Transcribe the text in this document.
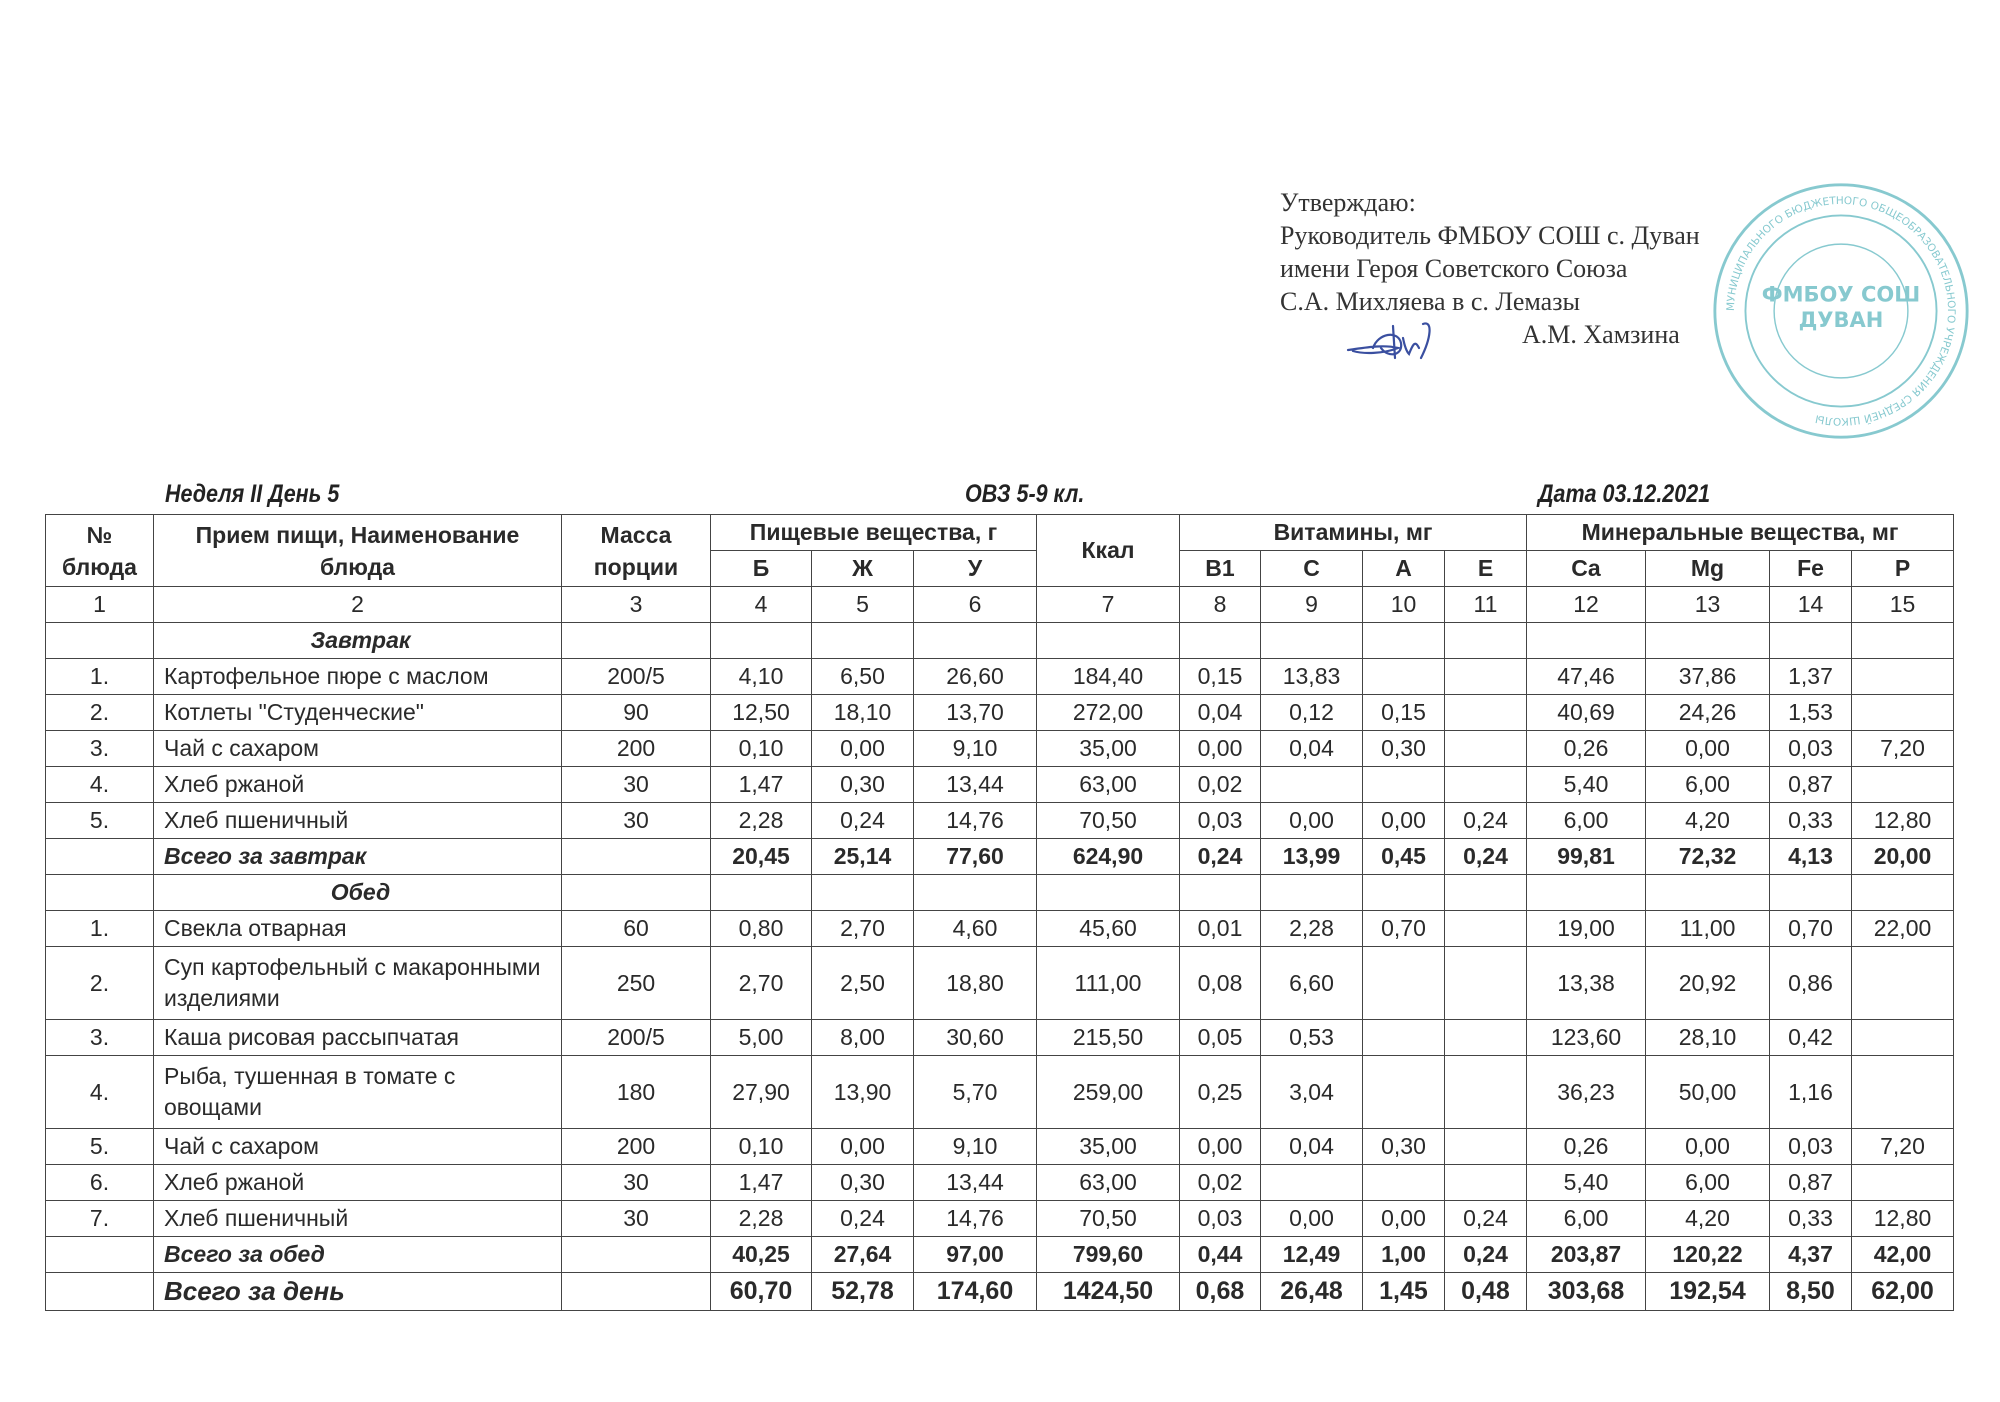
Утверждаю:
Руководитель ФМБОУ СОШ с. Дуван
имени Героя Советского Союза
С.А. Михляева в с. Лемазы
А.М. Хамзина
МУНИЦИПАЛЬНОГО БЮДЖЕТНОГО ОБЩЕОБРАЗОВАТЕЛЬНОГО УЧРЕЖДЕНИЯ СРЕДНЕЙ ШКОЛЫ
ФМБОУ СОШ
ДУВАН
Неделя II День 5	ОВЗ 5-9 кл.	Дата 03.12.2021
№ блюда	Прием пищи, Наименование блюда	Масса порции	Пищевые вещества, г			Ккал	Витамины, мг				Минеральные вещества, мг			
			Б	Ж	У		B1	C	A	E	Ca	Mg	Fe	P
1	2	3	4	5	6	7	8	9	10	11	12	13	14	15
	Завтрак													
1.	Картофельное пюре с маслом	200/5	4,10	6,50	26,60	184,40	0,15	13,83			47,46	37,86	1,37	
2.	Котлеты "Студенческие"	90	12,50	18,10	13,70	272,00	0,04	0,12	0,15		40,69	24,26	1,53	
3.	Чай с сахаром	200	0,10	0,00	9,10	35,00	0,00	0,04	0,30		0,26	0,00	0,03	7,20
4.	Хлеб ржаной	30	1,47	0,30	13,44	63,00	0,02				5,40	6,00	0,87	
5.	Хлеб пшеничный	30	2,28	0,24	14,76	70,50	0,03	0,00	0,00	0,24	6,00	4,20	0,33	12,80
	Всего за завтрак		20,45	25,14	77,60	624,90	0,24	13,99	0,45	0,24	99,81	72,32	4,13	20,00
	Обед													
1.	Свекла отварная	60	0,80	2,70	4,60	45,60	0,01	2,28	0,70		19,00	11,00	0,70	22,00
2.	Суп картофельный с макаронными изделиями	250	2,70	2,50	18,80	111,00	0,08	6,60			13,38	20,92	0,86	
3.	Каша рисовая рассыпчатая	200/5	5,00	8,00	30,60	215,50	0,05	0,53			123,60	28,10	0,42	
4.	Рыба, тушенная в томате с овощами	180	27,90	13,90	5,70	259,00	0,25	3,04			36,23	50,00	1,16	
5.	Чай с сахаром	200	0,10	0,00	9,10	35,00	0,00	0,04	0,30		0,26	0,00	0,03	7,20
6.	Хлеб ржаной	30	1,47	0,30	13,44	63,00	0,02				5,40	6,00	0,87	
7.	Хлеб пшеничный	30	2,28	0,24	14,76	70,50	0,03	0,00	0,00	0,24	6,00	4,20	0,33	12,80
	Всего за обед		40,25	27,64	97,00	799,60	0,44	12,49	1,00	0,24	203,87	120,22	4,37	42,00
	Всего за день		60,70	52,78	174,60	1424,50	0,68	26,48	1,45	0,48	303,68	192,54	8,50	62,00
